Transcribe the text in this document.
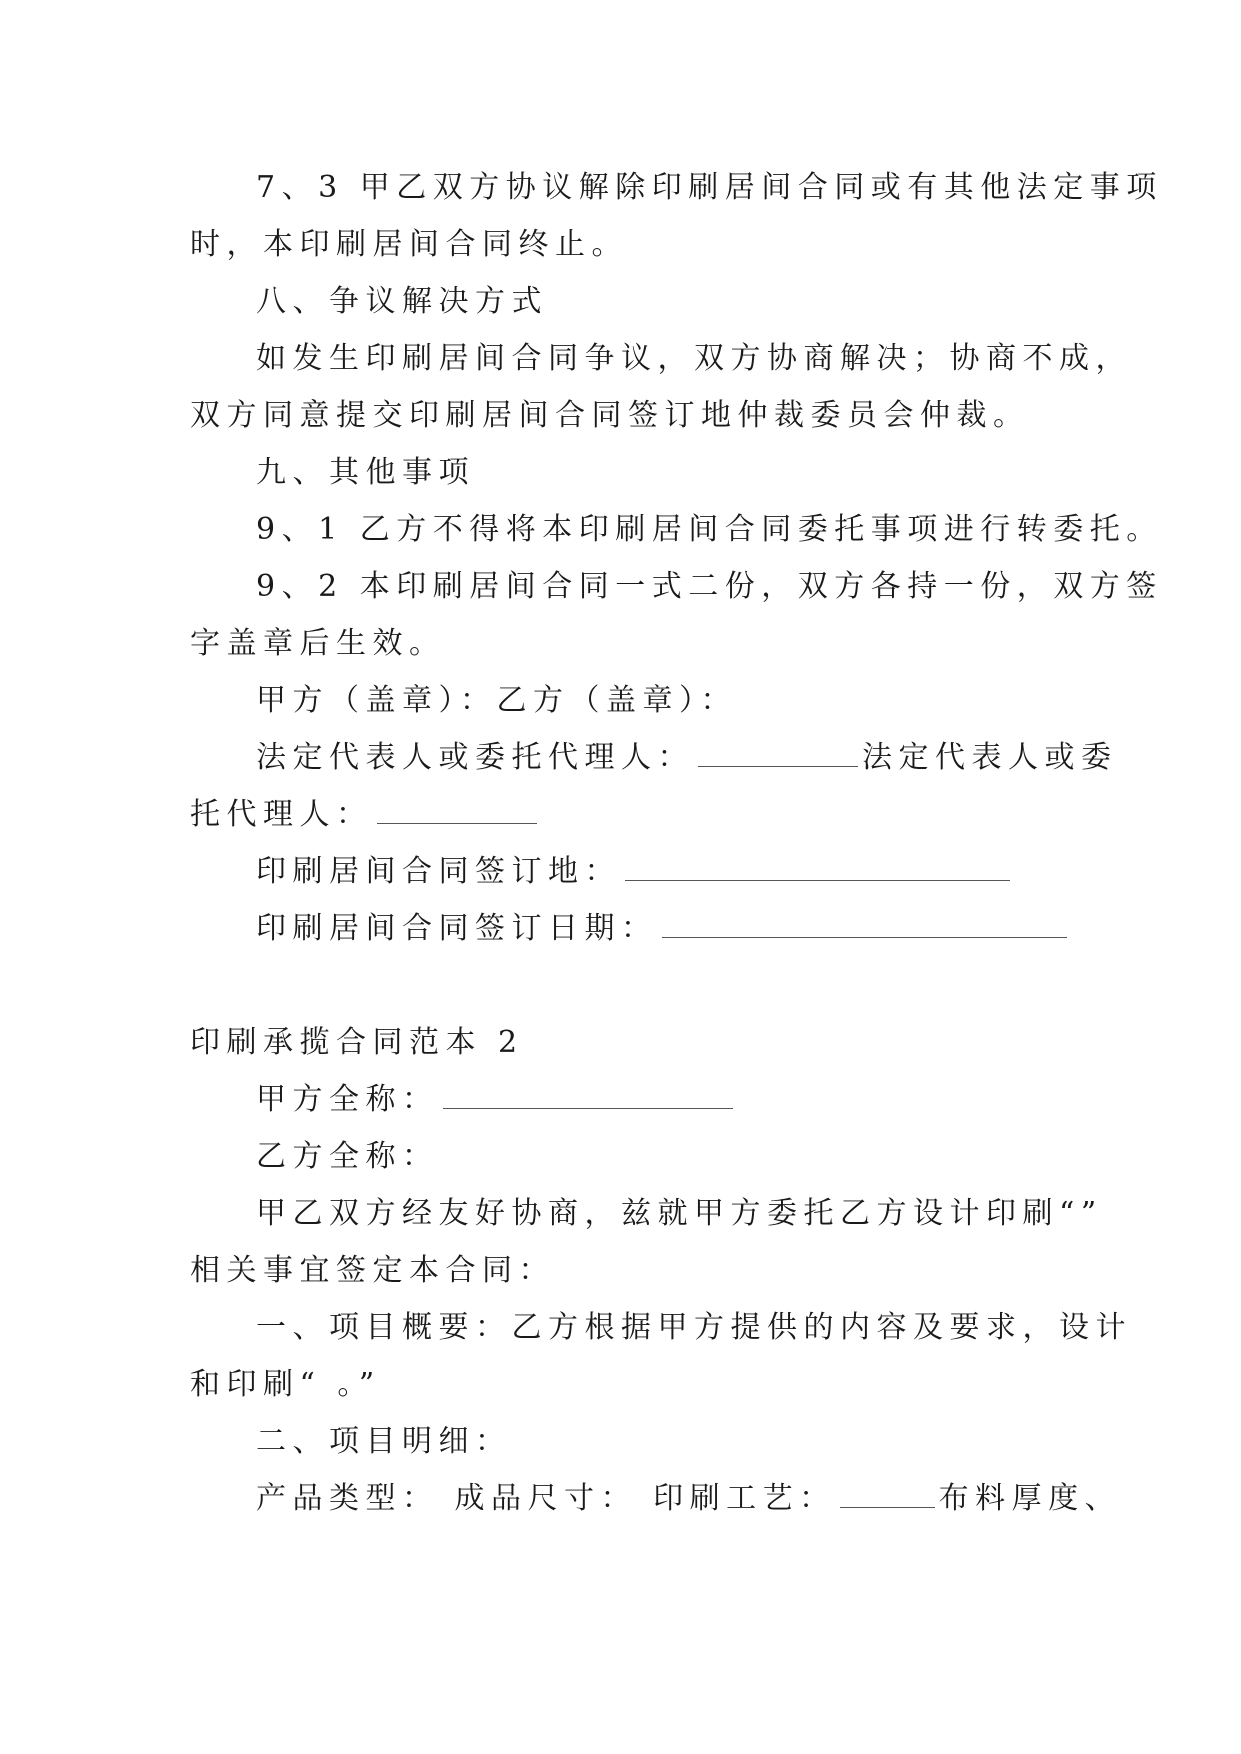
7、3 甲乙双方协议解除印刷居间合同或有其他法定事项
时，本印刷居间合同终止。
八、争议解决方式
如发生印刷居间合同争议，双方协商解决；协商不成，
双方同意提交印刷居间合同签订地仲裁委员会仲裁。
九、其他事项
9、1 乙方不得将本印刷居间合同委托事项进行转委托。
9、2 本印刷居间合同一式二份，双方各持一份，双方签
字盖章后生效。
甲方（盖章）：乙方（盖章）：
法定代表人或委托代理人：	法定代表人或委
托代理人：
印刷居间合同签订地：
印刷居间合同签订日期：
印刷承揽合同范本 2
甲方全称：
乙方全称：
甲乙双方经友好协商，兹就甲方委托乙方设计印刷“”
相关事宜签定本合同：
一、项目概要：乙方根据甲方提供的内容及要求，设计
和印刷“ 。”
二、项目明细：
产品类型： 成品尺寸： 印刷工艺：	布料厚度、
